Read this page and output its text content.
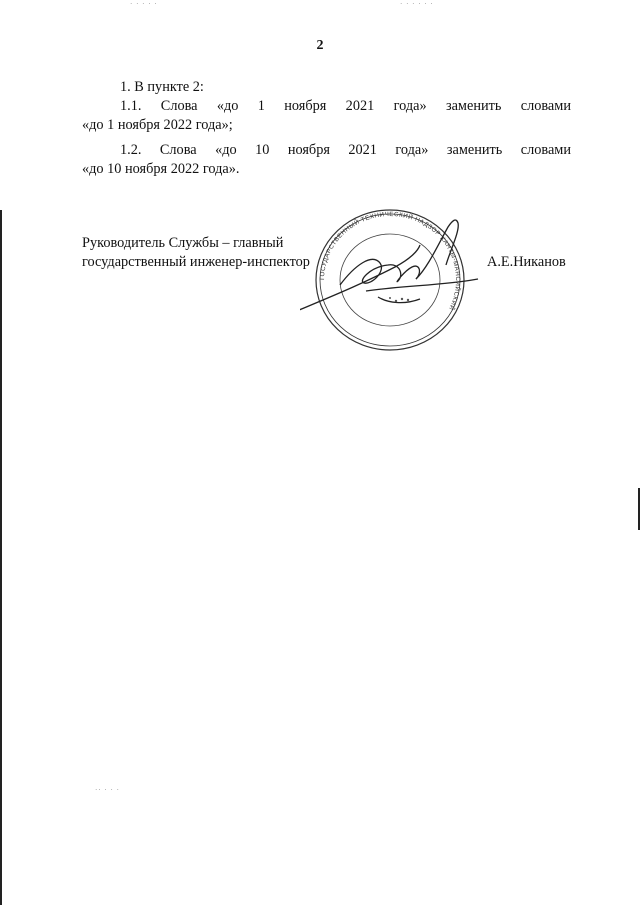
2
1. В пункте 2:
1.1. Слова «до 1 ноября 2021 года» заменить словами
«до 1 ноября 2022 года»;
1.2. Слова «до 10 ноября 2021 года» заменить словами
«до 10 ноября 2022 года».
Руководитель Службы – главный
государственный инженер-инспектор
ГОСУДАРСТВЕННЫЙ ТЕХНИЧЕСКИЙ НАДЗОР ХАНТЫ-МАНСИЙСКИЙ
А.Е.Никанов
· · · · ·	· · · · · ·
·· · · ·
